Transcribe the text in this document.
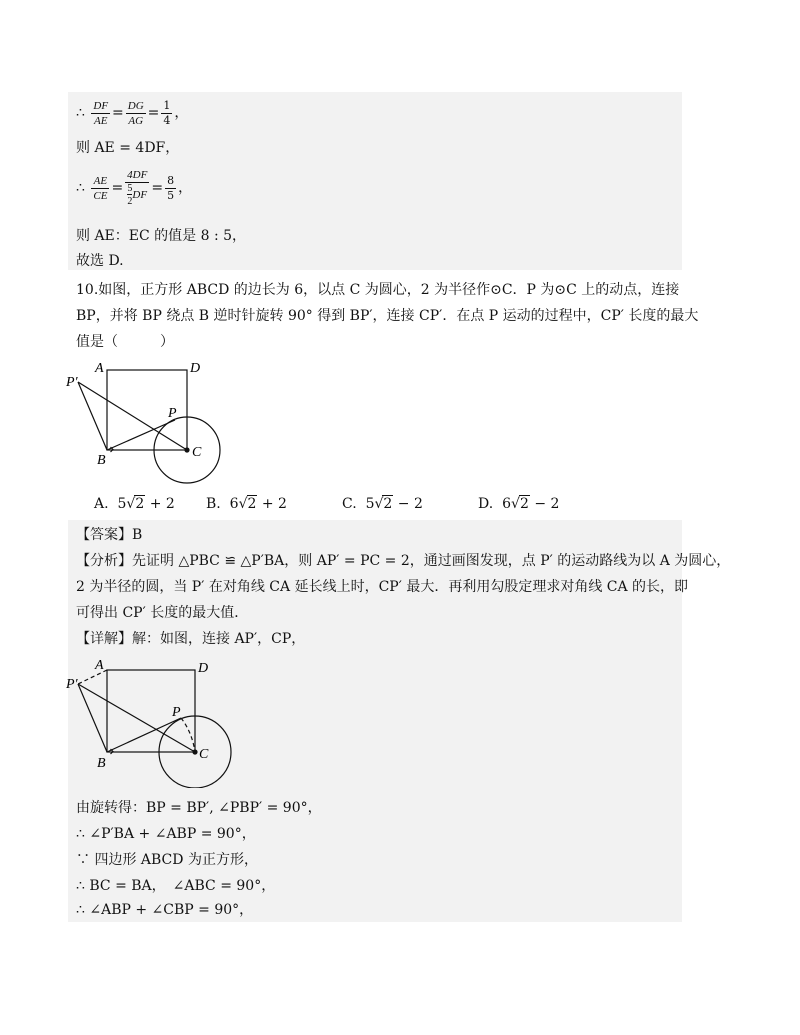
∴ $\frac{DF}{AE} = \frac{DG}{AG} = \frac{1}{4}$ ，
则 AE = 4DF，
∴ $\frac{AE}{CE} = \frac{4DF}{\frac{5}{2} DF} = \frac{8}{5}$ ，
则 AE：EC 的值是 8 : 5，
故选 D.
10.如图，正方形 ABCD 的边长为 6，以点 C 为圆心，2 为半径作⊙C．P 为⊙C 上的动点，连接
BP，并将 BP 绕点 B 逆时针旋转 90° 得到 BP′，连接 CP′．在点 P 运动的过程中，CP′ 长度的最大
值是（　　　）
A	D
P′
P
B
C
A. 5√2 + 2 B. 6√2 + 2	C. 5√2 − 2	D. 6√2 − 2
【答案】B
【分析】先证明 △PBC ≌ △P′BA，则 AP′ = PC = 2，通过画图发现，点 P′ 的运动路线为以 A 为圆心，
2 为半径的圆，当 P′ 在对角线 CA 延长线上时，CP′ 最大．再利用勾股定理求对角线 CA 的长，即
可得出 CP′ 长度的最大值．
【详解】解：如图，连接 AP′，CP，
A	D
P′
P
B
C
由旋转得：BP = BP′, ∠PBP′ = 90°，
∴ ∠P′BA + ∠ABP = 90°，
∵ 四边形 ABCD 为正方形，
∴ BC = BA，　∠ABC = 90°，
∴ ∠ABP + ∠CBP = 90°，
